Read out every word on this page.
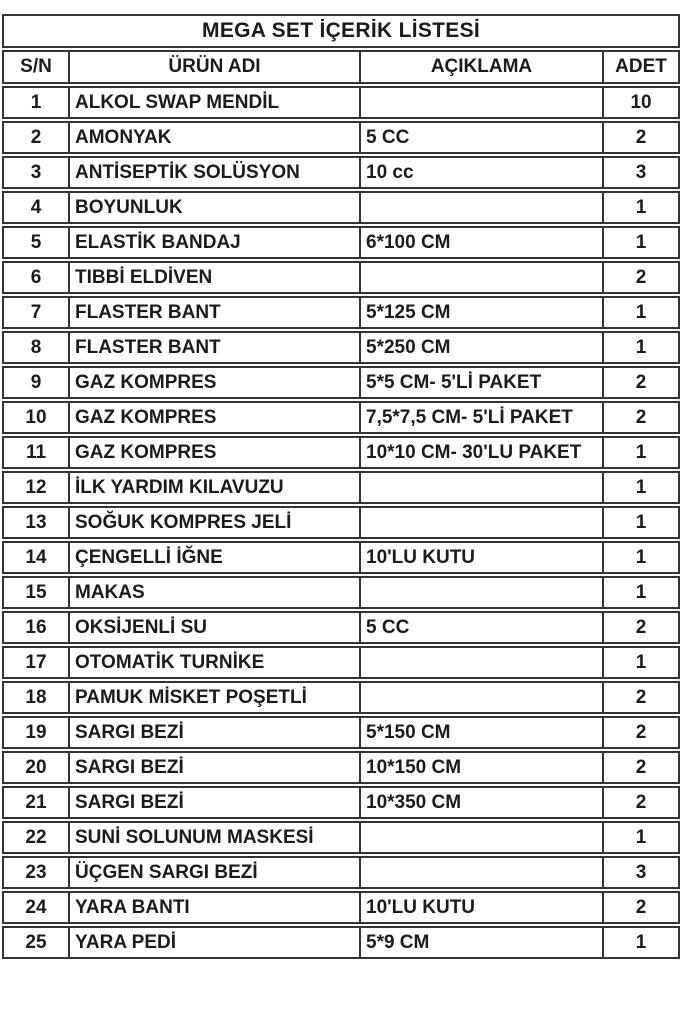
MEGA SET İÇERİK LİSTESİ			
S/N	ÜRÜN ADI	AÇIKLAMA	ADET
1	ALKOL SWAP MENDİL		10
2	AMONYAK	5 CC	2
3	ANTİSEPTİK SOLÜSYON	10 cc	3
4	BOYUNLUK		1
5	ELASTİK BANDAJ	6*100 CM	1
6	TIBBİ ELDİVEN		2
7	FLASTER BANT	5*125 CM	1
8	FLASTER BANT	5*250 CM	1
9	GAZ KOMPRES	5*5 CM- 5'Lİ PAKET	2
10	GAZ KOMPRES	7,5*7,5 CM- 5'Lİ PAKET	2
11	GAZ KOMPRES	10*10 CM- 30'LU PAKET	1
12	İLK YARDIM KILAVUZU		1
13	SOĞUK KOMPRES JELİ		1
14	ÇENGELLİ İĞNE	10'LU KUTU	1
15	MAKAS		1
16	OKSİJENLİ SU	5 CC	2
17	OTOMATİK TURNİKE		1
18	PAMUK MİSKET POŞETLİ		2
19	SARGI BEZİ	5*150 CM	2
20	SARGI BEZİ	10*150 CM	2
21	SARGI BEZİ	10*350 CM	2
22	SUNİ SOLUNUM MASKESİ		1
23	ÜÇGEN SARGI BEZİ		3
24	YARA BANTI	10'LU KUTU	2
25	YARA PEDİ	5*9 CM	1
